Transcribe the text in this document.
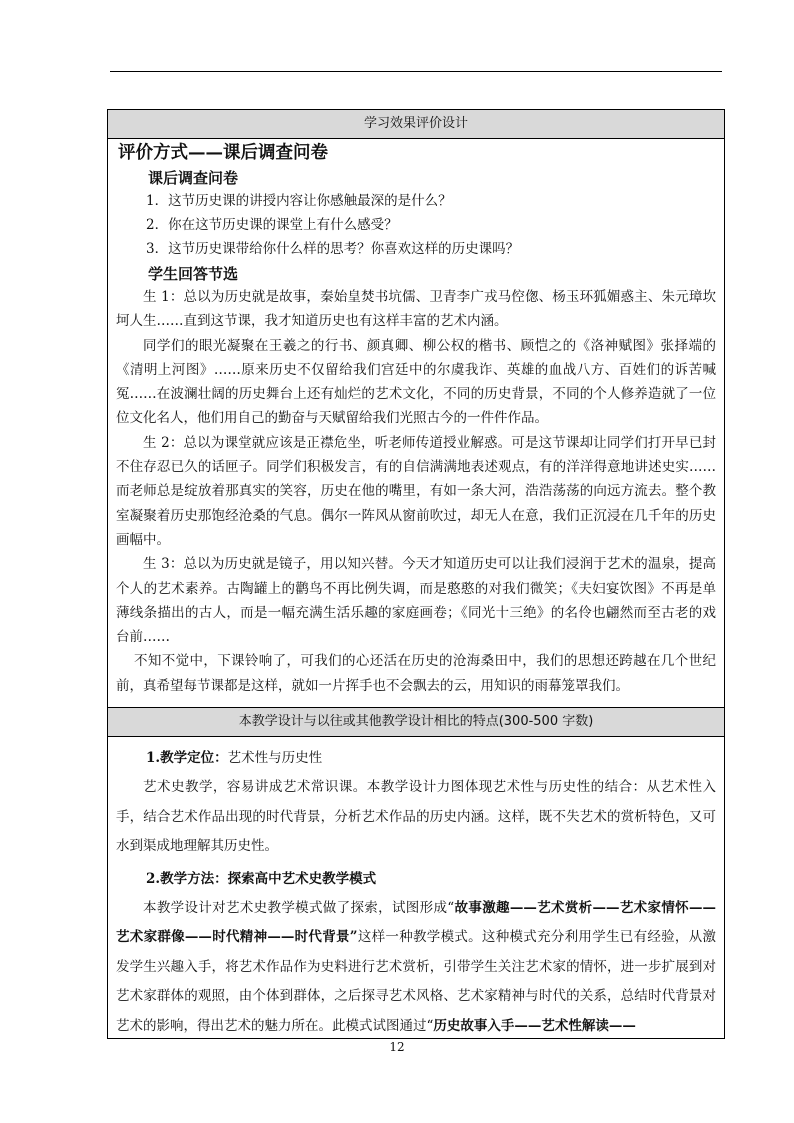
学习效果评价设计
评价方式——课后调查问卷
课后调查问卷
1．这节历史课的讲授内容让你感触最深的是什么？
2．你在这节历史课的课堂上有什么感受？
3．这节历史课带给你什么样的思考？你喜欢这样的历史课吗？
学生回答节选

生 1：总以为历史就是故事，秦始皇焚书坑儒、卫青李广戎马倥偬、杨玉环狐媚惑主、朱元璋坎坷人生……直到这节课，我才知道历史也有这样丰富的艺术内涵。

同学们的眼光凝聚在王羲之的行书、颜真卿、柳公权的楷书、顾恺之的《洛神赋图》张择端的《清明上河图》……原来历史不仅留给我们宫廷中的尔虞我诈、英雄的血战八方、百姓们的诉苦喊冤……在波澜壮阔的历史舞台上还有灿烂的艺术文化，不同的历史背景，不同的个人修养造就了一位位文化名人，他们用自己的勤奋与天赋留给我们光照古今的一件件作品。

生 2：总以为课堂就应该是正襟危坐，听老师传道授业解惑。可是这节课却让同学们打开早已封不住存忍已久的话匣子。同学们积极发言，有的自信满满地表述观点，有的洋洋得意地讲述史实……而老师总是绽放着那真实的笑容，历史在他的嘴里，有如一条大河，浩浩荡荡的向远方流去。整个教室凝聚着历史那饱经沧桑的气息。偶尔一阵风从窗前吹过，却无人在意，我们正沉浸在几千年的历史画幅中。

生 3：总以为历史就是镜子，用以知兴替。今天才知道历史可以让我们浸润于艺术的温泉，提高个人的艺术素养。古陶罐上的鹳鸟不再比例失调，而是憨憨的对我们微笑；《夫妇宴饮图》不再是单薄线条描出的古人，而是一幅充满生活乐趣的家庭画卷；《同光十三绝》的名伶也翩然而至古老的戏台前……

不知不觉中，下课铃响了，可我们的心还活在历史的沧海桑田中，我们的思想还跨越在几个世纪前，真希望每节课都是这样，就如一片挥手也不会飘去的云，用知识的雨幕笼罩我们。

本教学设计与以往或其他教学设计相比的特点(300-500 字数)
1.教学定位：艺术性与历史性

艺术史教学，容易讲成艺术常识课。本教学设计力图体现艺术性与历史性的结合：从艺术性入手，结合艺术作品出现的时代背景，分析艺术作品的历史内涵。这样，既不失艺术的赏析特色，又可水到渠成地理解其历史性。

2.教学方法：探索高中艺术史教学模式

本教学设计对艺术史教学模式做了探索，试图形成“故事激趣——艺术赏析——艺术家情怀——艺术家群像——时代精神——时代背景”这样一种教学模式。这种模式充分利用学生已有经验，从激发学生兴趣入手，将艺术作品作为史料进行艺术赏析，引带学生关注艺术家的情怀，进一步扩展到对艺术家群体的观照，由个体到群体，之后探寻艺术风格、艺术家精神与时代的关系，总结时代背景对艺术的影响，得出艺术的魅力所在。此模式试图通过“历史故事入手——艺术性解读——

12
